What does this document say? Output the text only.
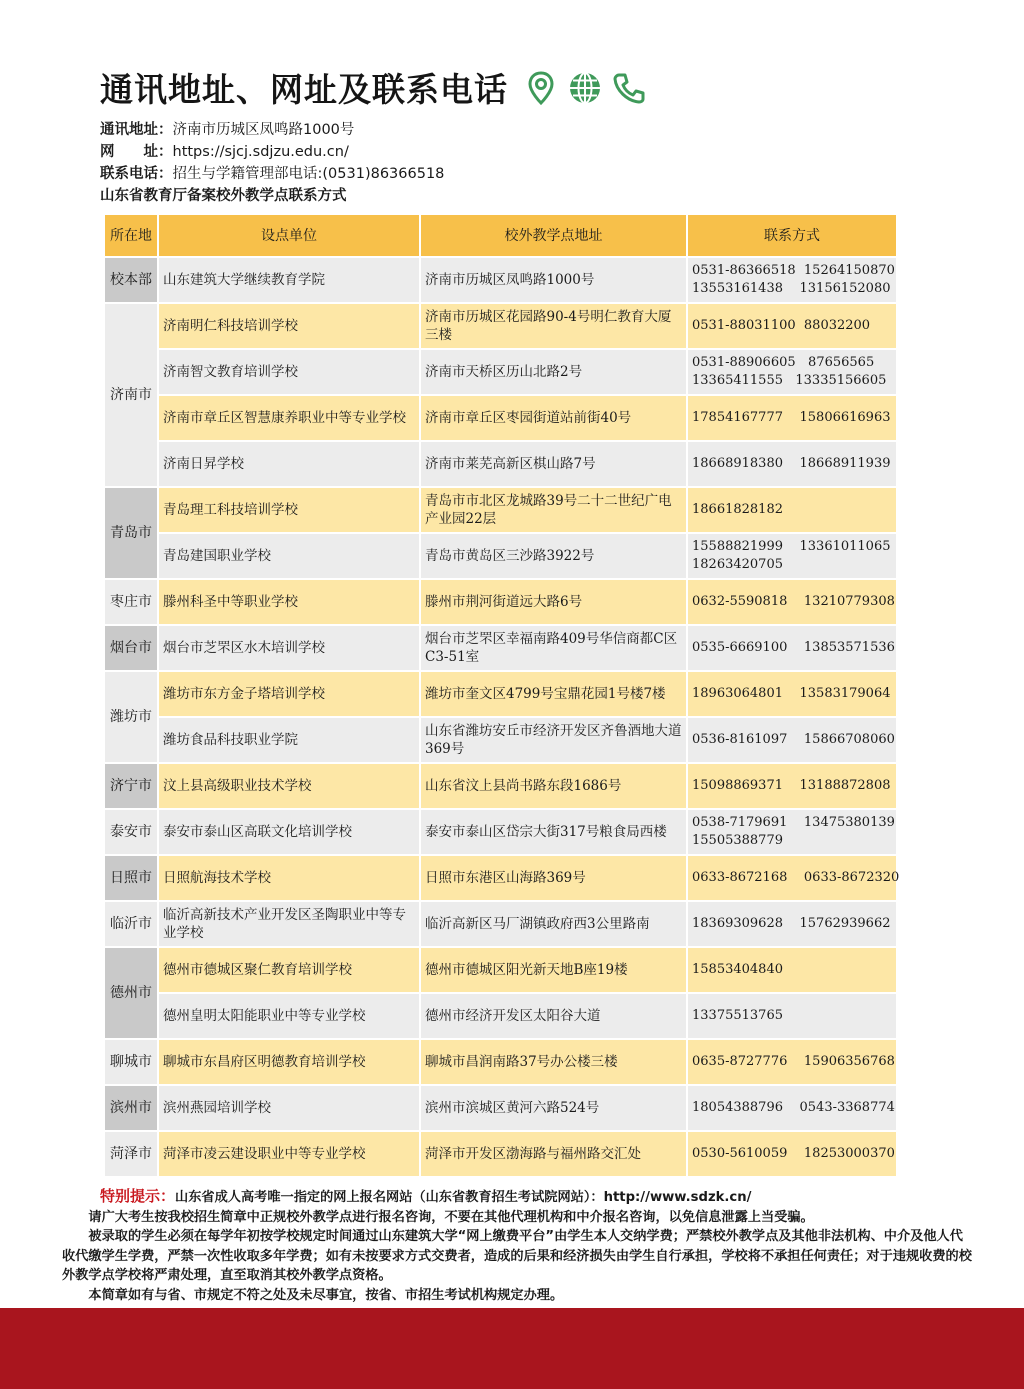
通讯地址、网址及联系电话
通讯地址：济南市历城区凤鸣路1000号
网　　址：https://sjcj.sdjzu.edu.cn/
联系电话：招生与学籍管理部电话:(0531)86366518
山东省教育厅备案校外教学点联系方式
所在地	设点单位	校外教学点地址	联系方式
校本部	山东建筑大学继续教育学院	济南市历城区凤鸣路1000号	0531-86366518  15264150870
13553161438    13156152080

济南市	济南明仁科技培训学校	济南市历城区花园路90-4号明仁教育大厦三楼	0531-88031100  88032200

	济南智文教育培训学校	济南市天桥区历山北路2号	0531-88906605   87656565
13365411555   13335156605

	济南市章丘区智慧康养职业中等专业学校	济南市章丘区枣园街道站前街40号	17854167777    15806616963

	济南日昇学校	济南市莱芜高新区棋山路7号	18668918380    18668911939

青岛市	青岛理工科技培训学校	青岛市市北区龙城路39号二十二世纪广电产业园22层	18661828182

	青岛建国职业学校	青岛市黄岛区三沙路3922号	15588821999    13361011065
18263420705

枣庄市	滕州科圣中等职业学校	滕州市荆河街道远大路6号	0632-5590818    13210779308

烟台市	烟台市芝罘区水木培训学校	烟台市芝罘区幸福南路409号华信商都C区C3-51室	0535-6669100    13853571536

潍坊市	潍坊市东方金子塔培训学校	潍坊市奎文区4799号宝鼎花园1号楼7楼	18963064801    13583179064

	潍坊食品科技职业学院	山东省潍坊安丘市经济开发区齐鲁酒地大道369号	0536-8161097    15866708060

济宁市	汶上县高级职业技术学校	山东省汶上县尚书路东段1686号	15098869371    13188872808

泰安市	泰安市泰山区高联文化培训学校	泰安市泰山区岱宗大街317号粮食局西楼	0538-7179691    13475380139
15505388779

日照市	日照航海技术学校	日照市东港区山海路369号	0633-8672168    0633-8672320

临沂市	临沂高新技术产业开发区圣陶职业中等专业学校	临沂高新区马厂湖镇政府西3公里路南	18369309628    15762939662

德州市	德州市德城区聚仁教育培训学校	德州市德城区阳光新天地B座19楼	15853404840

	德州皇明太阳能职业中等专业学校	德州市经济开发区太阳谷大道	13375513765

聊城市	聊城市东昌府区明德教育培训学校	聊城市昌润南路37号办公楼三楼	0635-8727776    15906356768

滨州市	滨州燕园培训学校	滨州市滨城区黄河六路524号	18054388796    0543-3368774

菏泽市	菏泽市凌云建设职业中等专业学校	菏泽市开发区渤海路与福州路交汇处	0530-5610059    18253000370

特别提示：山东省成人高考唯一指定的网上报名网站（山东省教育招生考试院网站）：http://www.sdzk.cn/

请广大考生按我校招生简章中正规校外教学点进行报名咨询，不要在其他代理机构和中介报名咨询，以免信息泄露上当受骗。

被录取的学生必须在每学年初按学校规定时间通过山东建筑大学“网上缴费平台”由学生本人交纳学费；严禁校外教学点及其他非法机构、中介及他人代收代缴学生学费，严禁一次性收取多年学费；如有未按要求方式交费者，造成的后果和经济损失由学生自行承担，学校将不承担任何责任；对于违规收费的校外教学点学校将严肃处理，直至取消其校外教学点资格。

本简章如有与省、市规定不符之处及未尽事宜，按省、市招生考试机构规定办理。
